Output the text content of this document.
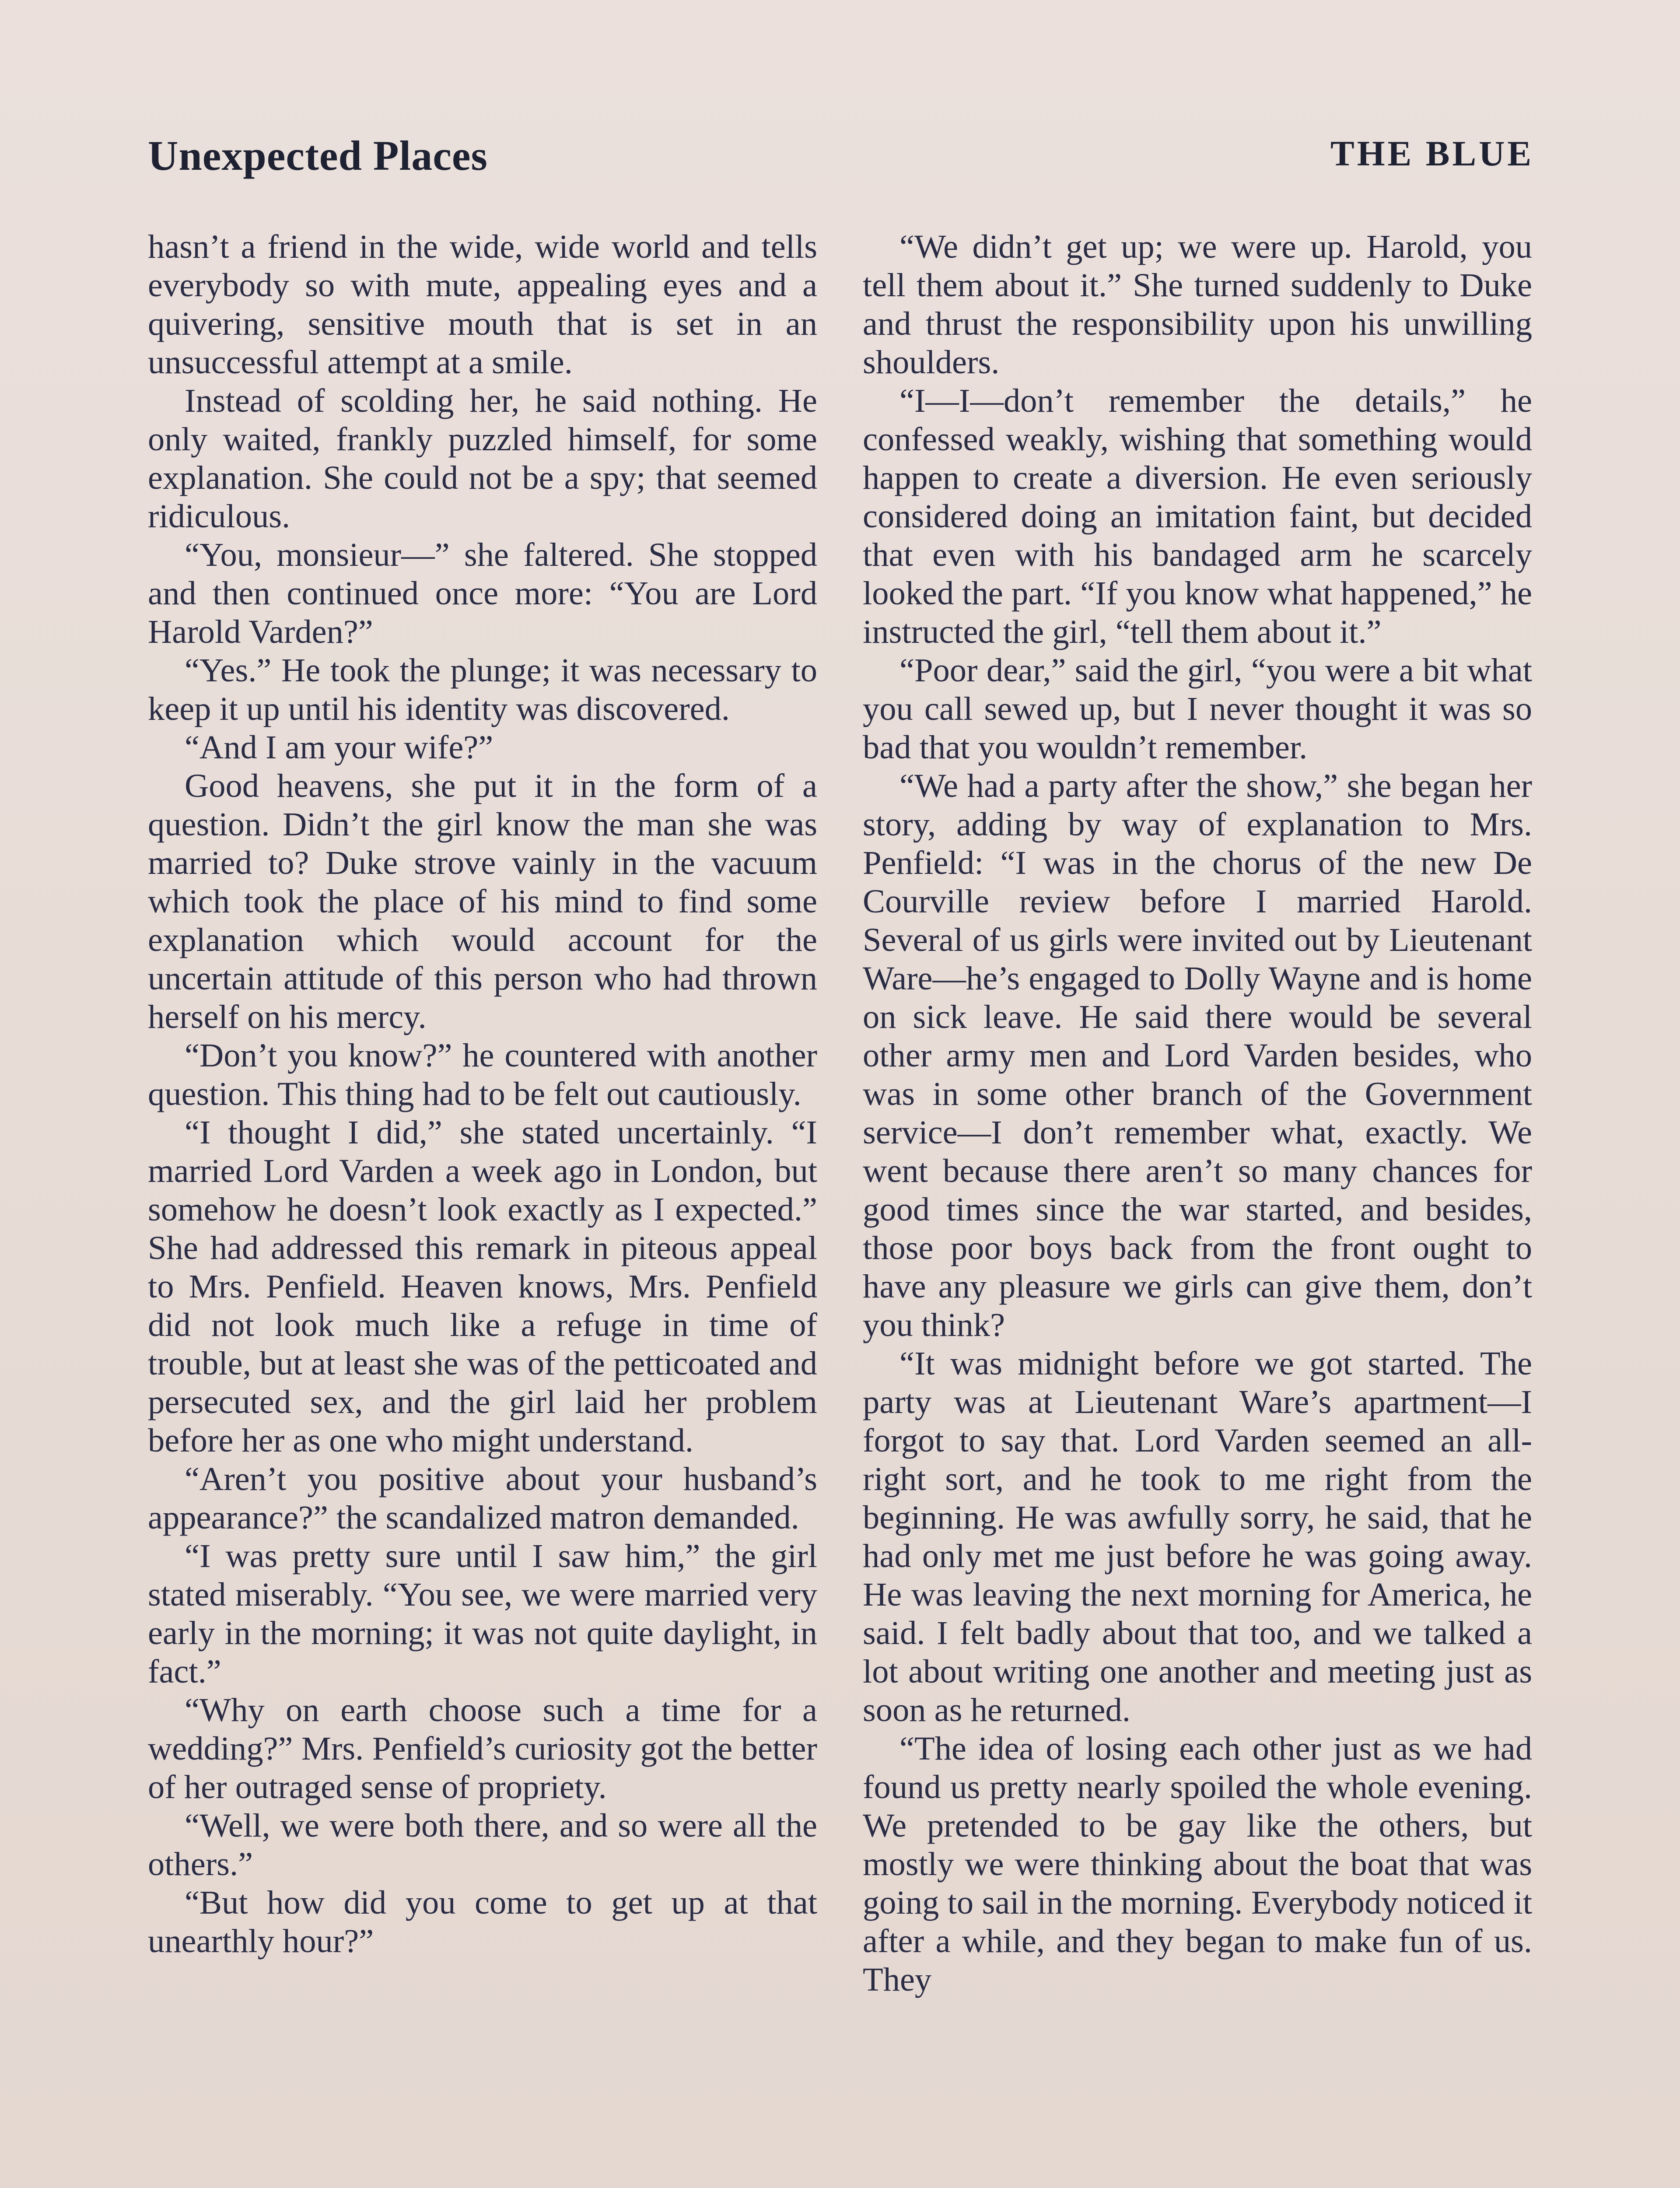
Unexpected Places	THE BLUE

hasn’t a friend in the wide, wide world and tells everybody so with mute, appealing eyes and a quivering, sensitive mouth that is set in an unsuccessful attempt at a smile.

Instead of scolding her, he said nothing. He only waited, frankly puzzled himself, for some explanation. She could not be a spy; that seemed ridiculous.

“You, monsieur—” she faltered. She stopped and then continued once more: “You are Lord Harold Varden?”

“Yes.” He took the plunge; it was necessary to keep it up until his identity was discovered.

“And I am your wife?”

Good heavens, she put it in the form of a question. Didn’t the girl know the man she was married to? Duke strove vainly in the vacuum which took the place of his mind to find some explanation which would account for the uncertain attitude of this person who had thrown herself on his mercy.

“Don’t you know?” he countered with another question. This thing had to be felt out cautiously.

“I thought I did,” she stated uncertainly. “I married Lord Varden a week ago in London, but somehow he doesn’t look exactly as I expected.” She had addressed this remark in piteous appeal to Mrs. Penfield. Heaven knows, Mrs. Penfield did not look much like a refuge in time of trouble, but at least she was of the petticoated and persecuted sex, and the girl laid her problem before her as one who might understand.

“Aren’t you positive about your husband’s appearance?” the scandalized matron demanded.

“I was pretty sure until I saw him,” the girl stated miserably. “You see, we were married very early in the morning; it was not quite daylight, in fact.”

“Why on earth choose such a time for a wedding?” Mrs. Penfield’s curiosity got the better of her outraged sense of propriety.

“Well, we were both there, and so were all the others.”

“But how did you come to get up at that unearthly hour?”

“We didn’t get up; we were up. Harold, you tell them about it.” She turned suddenly to Duke and thrust the responsibility upon his unwilling shoulders.

“I—I—don’t remember the details,” he confessed weakly, wishing that something would happen to create a diversion. He even seriously considered doing an imitation faint, but decided that even with his bandaged arm he scarcely looked the part. “If you know what happened,” he instructed the girl, “tell them about it.”

“Poor dear,” said the girl, “you were a bit what you call sewed up, but I never thought it was so bad that you wouldn’t remember.

“We had a party after the show,” she began her story, adding by way of explanation to Mrs. Penfield: “I was in the chorus of the new De Courville review before I married Harold. Several of us girls were invited out by Lieutenant Ware—he’s engaged to Dolly Wayne and is home on sick leave. He said there would be several other army men and Lord Varden besides, who was in some other branch of the Government service—I don’t remember what, exactly. We went because there aren’t so many chances for good times since the war started, and besides, those poor boys back from the front ought to have any pleasure we girls can give them, don’t you think?

“It was midnight before we got started. The party was at Lieutenant Ware’s apartment—I forgot to say that. Lord Varden seemed an all-right sort, and he took to me right from the beginning. He was awfully sorry, he said, that he had only met me just before he was going away. He was leaving the next morning for America, he said. I felt badly about that too, and we talked a lot about writing one another and meeting just as soon as he returned.

“The idea of losing each other just as we had found us pretty nearly spoiled the whole evening. We pretended to be gay like the others, but mostly we were thinking about the boat that was going to sail in the morning. Everybody noticed it after a while, and they began to make fun of us. They
